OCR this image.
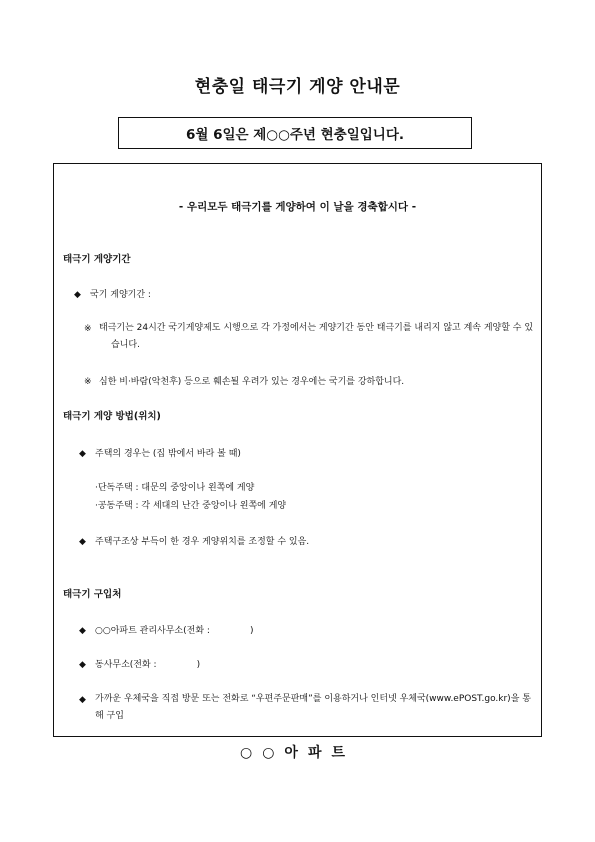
현충일 태극기 게양 안내문
6월 6일은 제○○주년 현충일입니다.
- 우리모두 태극기를 게양하여 이 날을 경축합시다 -
태극기 게양기간
◆ 국기 게양기간 :
※ 태극기는 24시간 국기게양제도 시행으로 각 가정에서는 게양기간 동안 태극기를 내리지 않고 계속 게양할 수 있습니다.
※ 심한 비·바람(악천후) 등으로 훼손될 우려가 있는 경우에는 국기를 강하합니다.
태극기 게양 방법(위치)
◆ 주택의 경우는 (집 밖에서 바라 볼 때)
·단독주택 : 대문의 중앙이나 왼쪽에 게양
·공동주택 : 각 세대의 난간 중앙이나 왼쪽에 게양
◆ 주택구조상 부득이 한 경우 게양위치를 조정할 수 있음.
태극기 구입처
◆ ○○아파트 관리사무소(전화 :              )
◆ 동사무소(전화 :              )
◆ 가까운 우체국을 직접 방문 또는 전화로 “우편주문판매”를 이용하거나 인터넷 우체국(www.ePOST.go.kr)을 통해 구입
○○아파트
